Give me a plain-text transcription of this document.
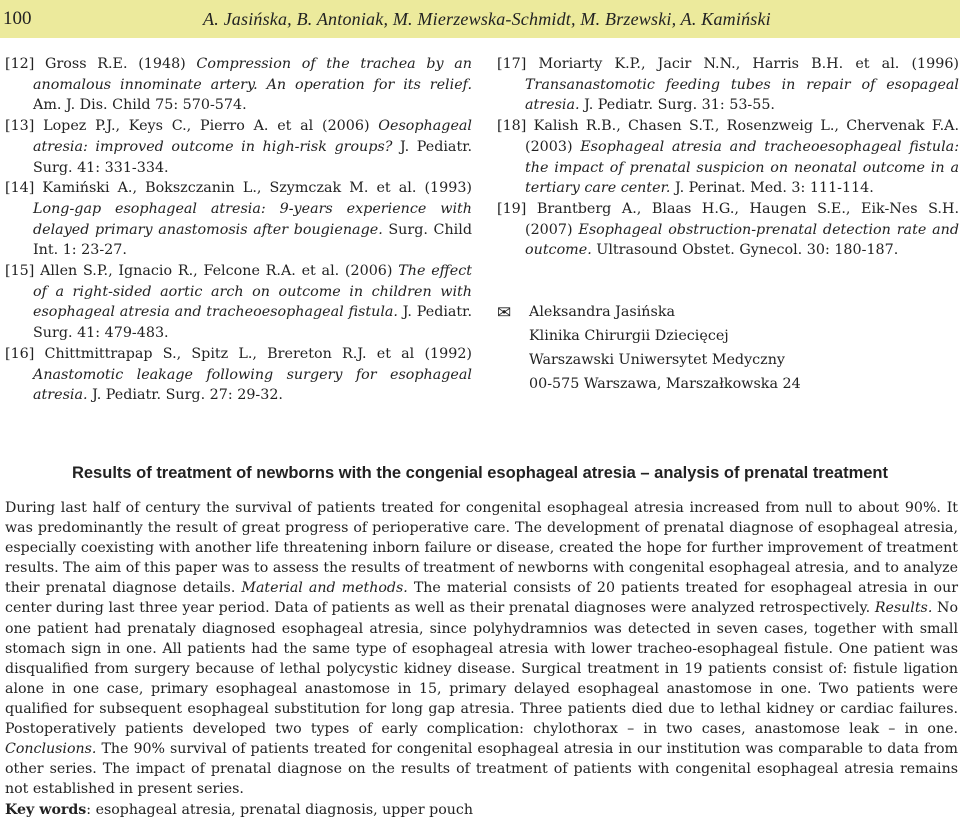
100	A. Jasińska, B. Antoniak, M. Mierzewska-Schmidt, M. Brzewski, A. Kamiński

[12] Gross R.E. (1948) Compression of the trachea by an anomalous innominate artery. An operation for its relief. Am. J. Dis. Child 75: 570-574.

[13] Lopez P.J., Keys C., Pierro A. et al (2006) Oesophageal atresia: improved outcome in high-risk groups? J. Pediatr. Surg. 41: 331-334.

[14] Kamiński A., Bokszczanin L., Szymczak M. et al. (1993) Long-gap esophageal atresia: 9-years experience with delayed primary anastomosis after bougienage. Surg. Child Int. 1: 23-27.

[15] Allen S.P., Ignacio R., Felcone R.A. et al. (2006) The effect of a right-sided aortic arch on outcome in children with esophageal atresia and tracheoesophageal fistula. J. Pediatr. Surg. 41: 479-483.

[16] Chittmittrapap S., Spitz L., Brereton R.J. et al (1992) Anastomotic leakage following surgery for esophageal atresia. J. Pediatr. Surg. 27: 29-32.

[17] Moriarty K.P., Jacir N.N., Harris B.H. et al. (1996) Transanastomotic feeding tubes in repair of esopageal atresia. J. Pediatr. Surg. 31: 53-55.

[18] Kalish R.B., Chasen S.T., Rosenzweig L., Chervenak F.A. (2003) Esophageal atresia and tracheoesophageal fistula: the impact of prenatal suspicion on neonatal outcome in a tertiary care center. J. Perinat. Med. 3: 111-114.

[19] Brantberg A., Blaas H.G., Haugen S.E., Eik-Nes S.H. (2007) Esophageal obstruction-prenatal detection rate and outcome. Ultrasound Obstet. Gynecol. 30: 180-187.

✉ Aleksandra Jasińska
Klinika Chirurgii Dziecięcej
Warszawski Uniwersytet Medyczny
00-575 Warszawa, Marszałkowska 24
Results of treatment of newborns with the congenial esophageal atresia – analysis of prenatal treatment

During last half of century the survival of patients treated for congenital esophageal atresia increased from null to about 90%. It was predominantly the result of great progress of perioperative care. The development of prenatal diagnose of esophageal atresia, especially coexisting with another life threatening inborn failure or disease, created the hope for further improvement of treatment results. The aim of this paper was to assess the results of treatment of newborns with congenital esophageal atresia, and to analyze their prenatal diagnose details. Material and methods. The material consists of 20 patients treated for esophageal atresia in our center during last three year period. Data of patients as well as their prenatal diagnoses were analyzed retrospectively. Results. No one patient had prenataly diagnosed esophageal atresia, since polyhydramnios was detected in seven cases, together with small stomach sign in one. All patients had the same type of esophageal atresia with lower tracheo-esophageal fistule. One patient was disqualified from surgery because of lethal polycystic kidney disease. Surgical treatment in 19 patients consist of: fistule ligation alone in one case, primary esophageal anastomose in 15, primary delayed esophageal anastomose in one. Two patients were qualified for subsequent esophageal substitution for long gap atresia. Three patients died due to lethal kidney or cardiac failures. Postoperatively patients developed two types of early complication: chylothorax – in two cases, anastomose leak – in one. Conclusions. The 90% survival of patients treated for congenital esophageal atresia in our institution was comparable to data from other series. The impact of prenatal diagnose on the results of treatment of patients with congenital esophageal atresia remains not established in present series.

Key words: esophageal atresia, prenatal diagnosis, upper pouch
